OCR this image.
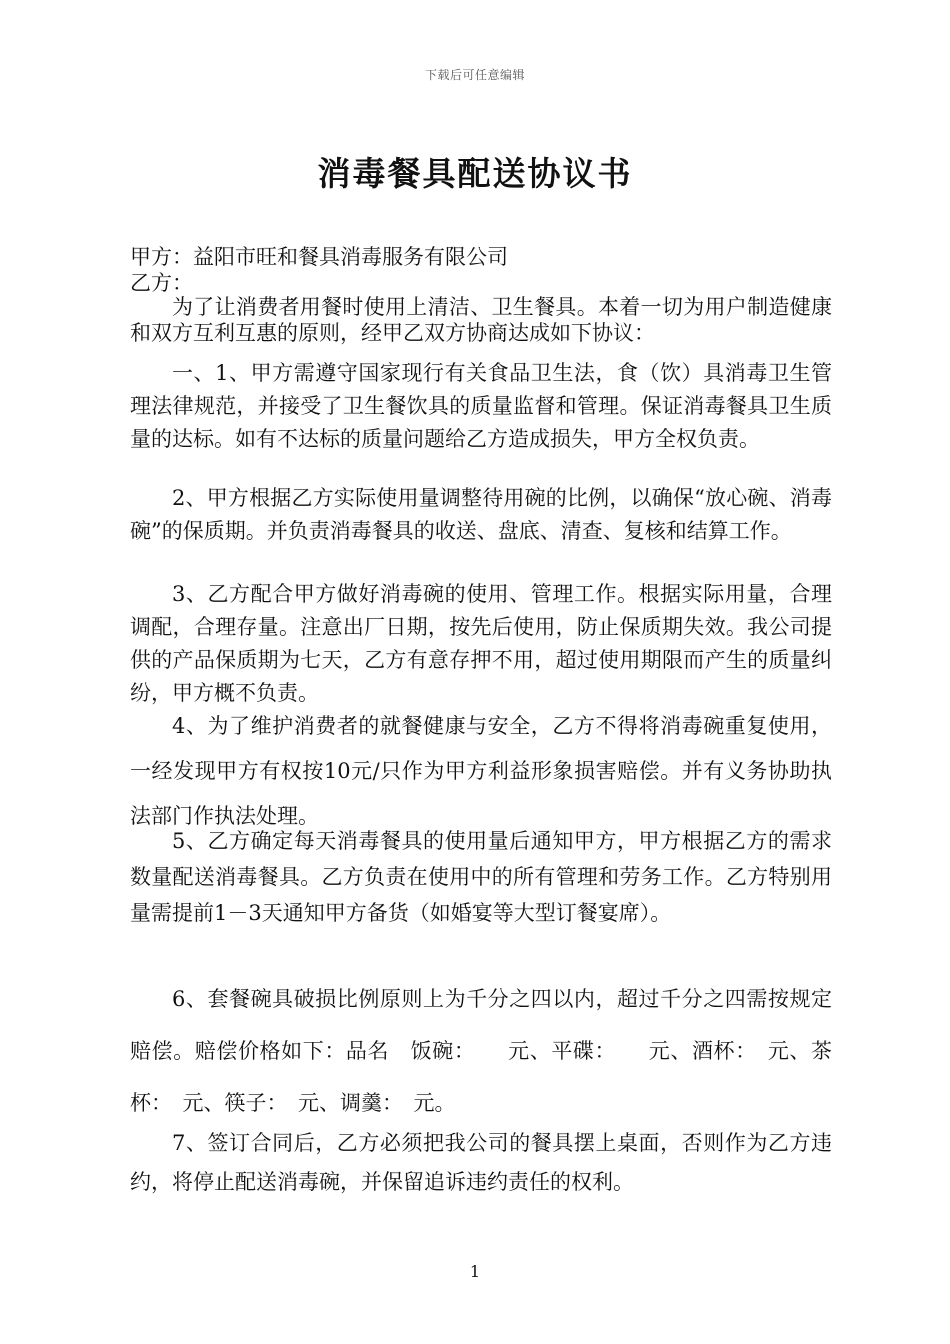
下载后可任意编辑
消毒餐具配送协议书
甲方：益阳市旺和餐具消毒服务有限公司
乙方：
为了让消费者用餐时使用上清洁、卫生餐具。本着一切为用户制造健康和双方互利互惠的原则，经甲乙双方协商达成如下协议：
一、1、甲方需遵守国家现行有关食品卫生法，食（饮）具消毒卫生管理法律规范，并接受了卫生餐饮具的质量监督和管理。保证消毒餐具卫生质量的达标。如有不达标的质量问题给乙方造成损失，甲方全权负责。
2、甲方根据乙方实际使用量调整待用碗的比例，以确保“放心碗、消毒碗”的保质期。并负责消毒餐具的收送、盘底、清查、复核和结算工作。
3、乙方配合甲方做好消毒碗的使用、管理工作。根据实际用量，合理调配，合理存量。注意出厂日期，按先后使用，防止保质期失效。我公司提供的产品保质期为七天，乙方有意存押不用，超过使用期限而产生的质量纠纷，甲方概不负责。
4、为了维护消费者的就餐健康与安全，乙方不得将消毒碗重复使用，一经发现甲方有权按10元/只作为甲方利益形象损害赔偿。并有义务协助执法部门作执法处理。
5、乙方确定每天消毒餐具的使用量后通知甲方，甲方根据乙方的需求数量配送消毒餐具。乙方负责在使用中的所有管理和劳务工作。乙方特别用量需提前1－3天通知甲方备货（如婚宴等大型订餐宴席）。
6、套餐碗具破损比例原则上为千分之四以内，超过千分之四需按规定赔偿。赔偿价格如下：品名　饭碗：　　元、平碟：　　元、酒杯：　元、茶杯：　元、筷子：　元、调羹：　元。
7、签订合同后，乙方必须把我公司的餐具摆上桌面，否则作为乙方违约，将停止配送消毒碗，并保留追诉违约责任的权利。
1
